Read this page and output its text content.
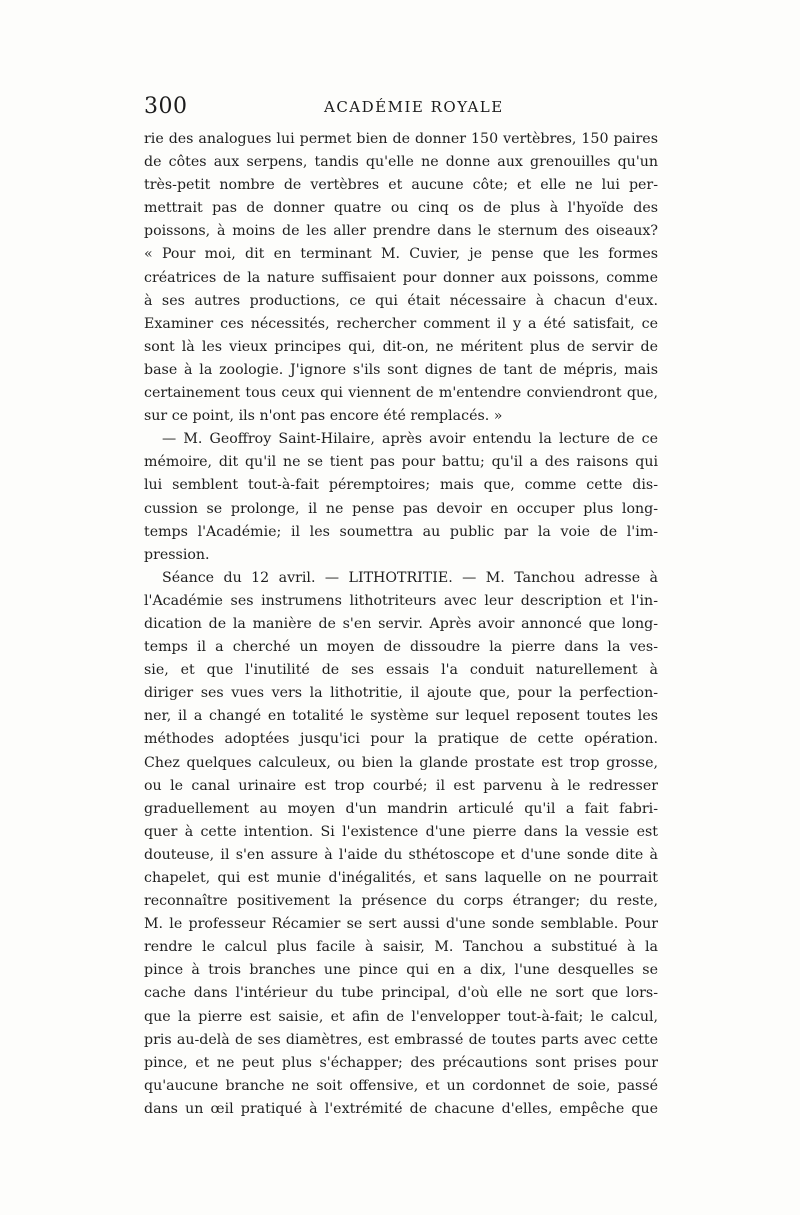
300	ACADÉMIE ROYALE
rie des analogues lui permet bien de donner 150 vertèbres, 150 paires
de côtes aux serpens, tandis qu'elle ne donne aux grenouilles qu'un
très-petit nombre de vertèbres et aucune côte; et elle ne lui per-
mettrait pas de donner quatre ou cinq os de plus à l'hyoïde des
poissons, à moins de les aller prendre dans le sternum des oiseaux?
« Pour moi, dit en terminant M. Cuvier, je pense que les formes
créatrices de la nature suffisaient pour donner aux poissons, comme
à ses autres productions, ce qui était nécessaire à chacun d'eux.
Examiner ces nécessités, rechercher comment il y a été satisfait, ce
sont là les vieux principes qui, dit-on, ne méritent plus de servir de
base à la zoologie. J'ignore s'ils sont dignes de tant de mépris, mais
certainement tous ceux qui viennent de m'entendre conviendront que,
sur ce point, ils n'ont pas encore été remplacés. »
— M. Geoffroy Saint-Hilaire, après avoir entendu la lecture de ce
mémoire, dit qu'il ne se tient pas pour battu; qu'il a des raisons qui
lui semblent tout-à-fait péremptoires; mais que, comme cette dis-
cussion se prolonge, il ne pense pas devoir en occuper plus long-
temps l'Académie; il les soumettra au public par la voie de l'im-
pression.
Séance du 12 avril. — LITHOTRITIE. — M. Tanchou adresse à
l'Académie ses instrumens lithotriteurs avec leur description et l'in-
dication de la manière de s'en servir. Après avoir annoncé que long-
temps il a cherché un moyen de dissoudre la pierre dans la ves-
sie, et que l'inutilité de ses essais l'a conduit naturellement à
diriger ses vues vers la lithotritie, il ajoute que, pour la perfection-
ner, il a changé en totalité le système sur lequel reposent toutes les
méthodes adoptées jusqu'ici pour la pratique de cette opération.
Chez quelques calculeux, ou bien la glande prostate est trop grosse,
ou le canal urinaire est trop courbé; il est parvenu à le redresser
graduellement au moyen d'un mandrin articulé qu'il a fait fabri-
quer à cette intention. Si l'existence d'une pierre dans la vessie est
douteuse, il s'en assure à l'aide du sthétoscope et d'une sonde dite à
chapelet, qui est munie d'inégalités, et sans laquelle on ne pourrait
reconnaître positivement la présence du corps étranger; du reste,
M. le professeur Récamier se sert aussi d'une sonde semblable. Pour
rendre le calcul plus facile à saisir, M. Tanchou a substitué à la
pince à trois branches une pince qui en a dix, l'une desquelles se
cache dans l'intérieur du tube principal, d'où elle ne sort que lors-
que la pierre est saisie, et afin de l'envelopper tout-à-fait; le calcul,
pris au-delà de ses diamètres, est embrassé de toutes parts avec cette
pince, et ne peut plus s'échapper; des précautions sont prises pour
qu'aucune branche ne soit offensive, et un cordonnet de soie, passé
dans un œil pratiqué à l'extrémité de chacune d'elles, empêche que
